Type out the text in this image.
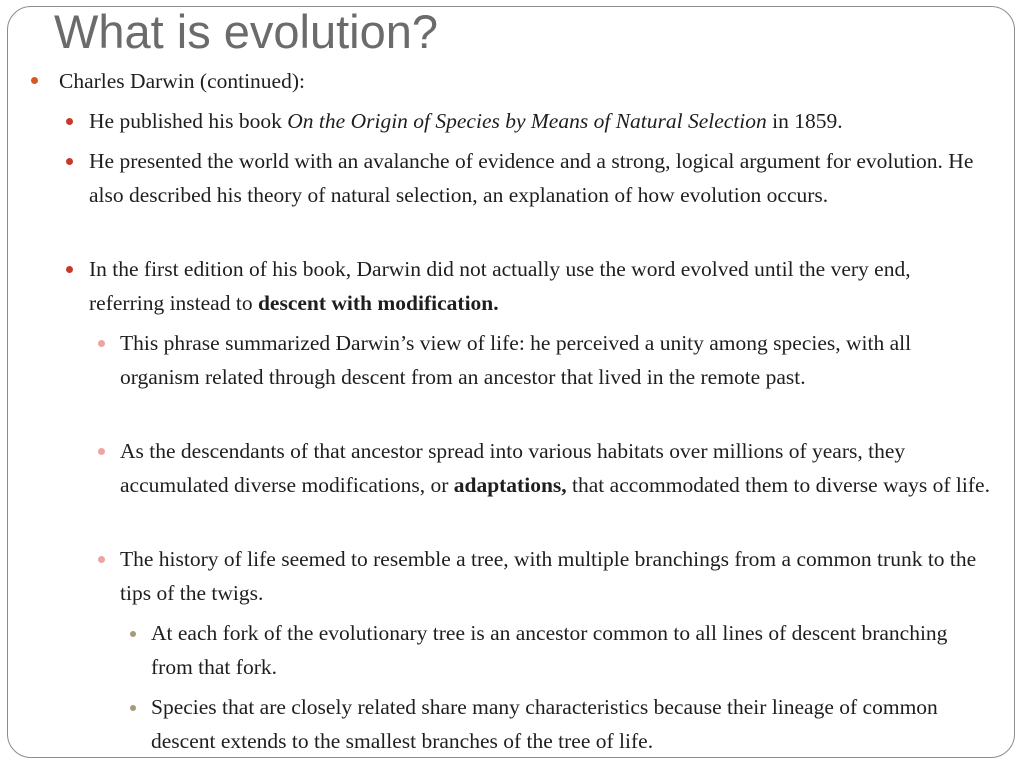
What is evolution?
Charles Darwin (continued):
He published his book On the Origin of Species by Means of Natural Selection in 1859.
He presented the world with an avalanche of evidence and a strong, logical argument for evolution. He also described his theory of natural selection, an explanation of how evolution occurs.
In the first edition of his book, Darwin did not actually use the word evolved until the very end, referring instead to descent with modification.
This phrase summarized Darwin’s view of life: he perceived a unity among species, with all organism related through descent from an ancestor that lived in the remote past.
As the descendants of that ancestor spread into various habitats over millions of years, they accumulated diverse modifications, or adaptations, that accommodated them to diverse ways of life.
The history of life seemed to resemble a tree, with multiple branchings from a common trunk to the tips of the twigs.
At each fork of the evolutionary tree is an ancestor common to all lines of descent branching from that fork.
Species that are closely related share many characteristics because their lineage of common descent extends to the smallest branches of the tree of life.
